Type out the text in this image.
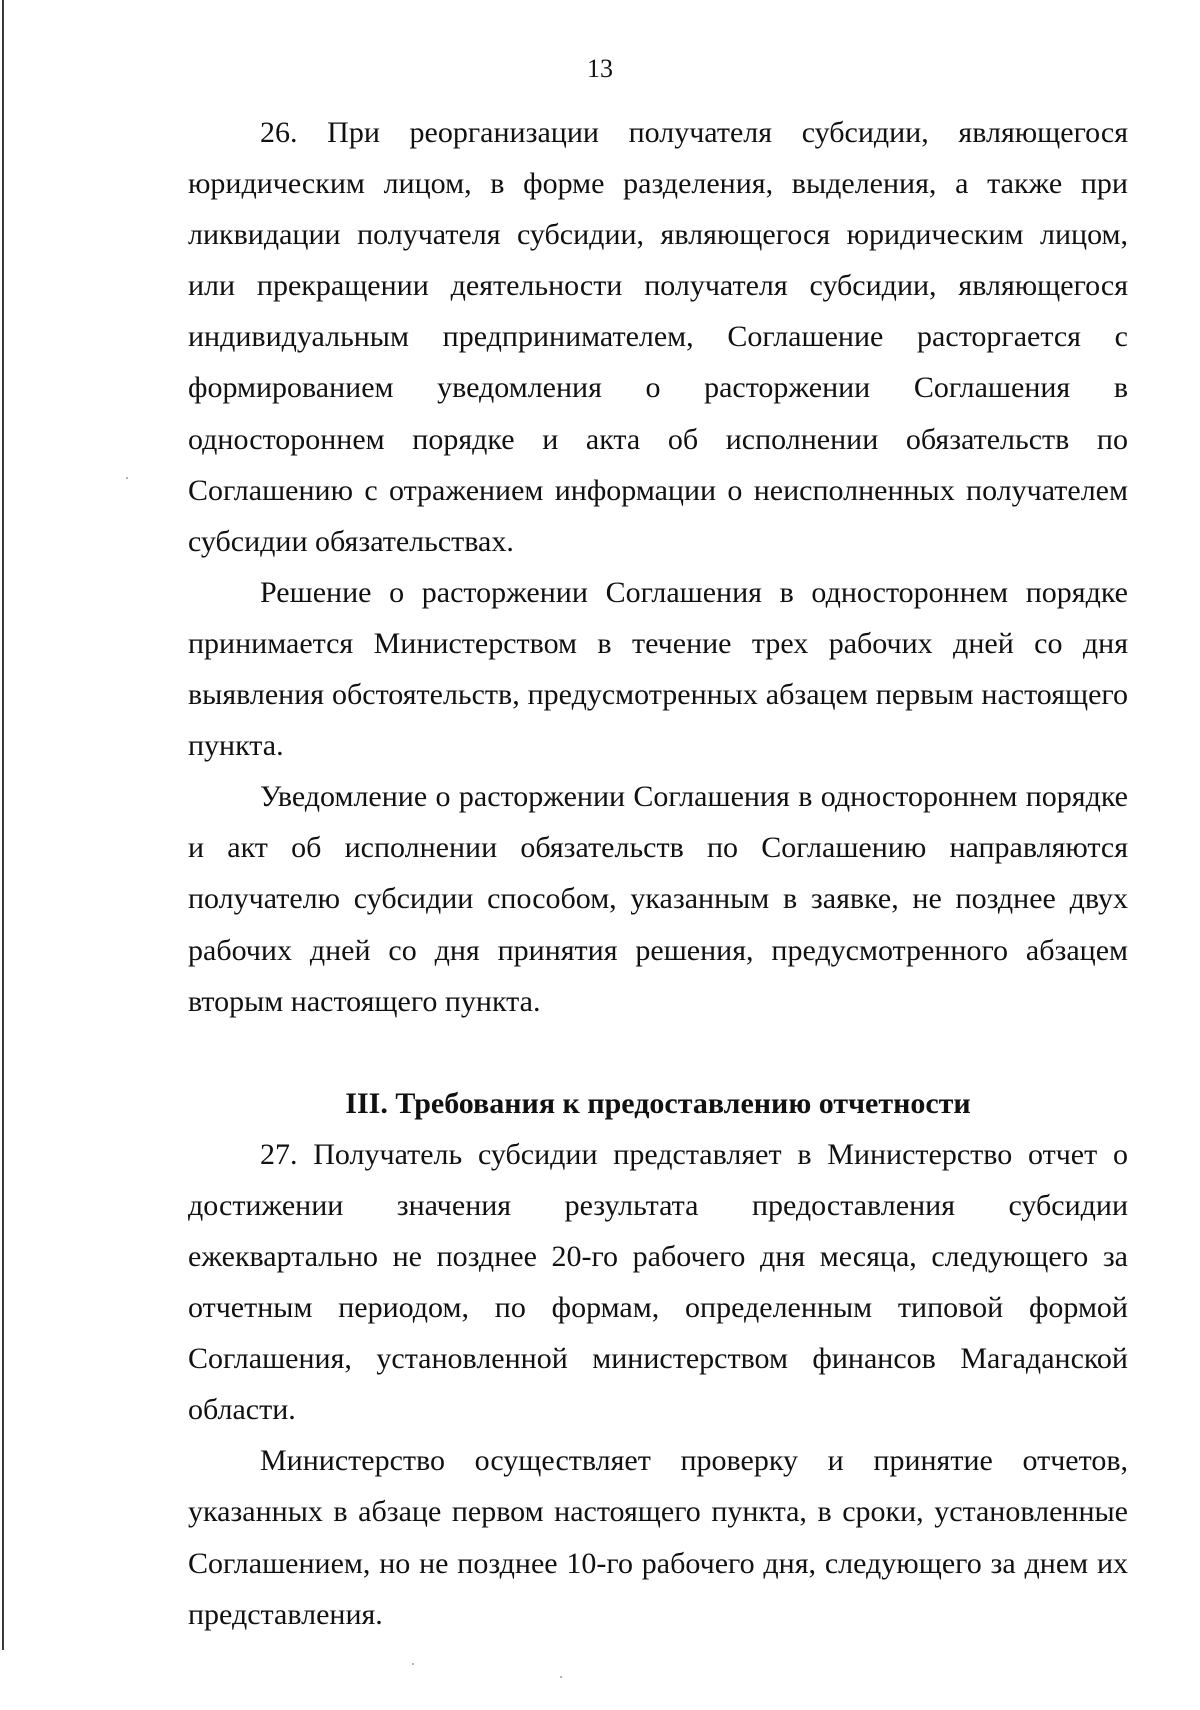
13

26. При реорганизации получателя субсидии, являющегося юридическим лицом, в форме разделения, выделения, а также при ликвидации получателя субсидии, являющегося юридическим лицом, или прекращении деятельности получателя субсидии, являющегося индивидуальным предпринимателем, Соглашение расторгается с формированием уведомления о расторжении Соглашения в одностороннем порядке и акта об исполнении обязательств по Соглашению с отражением информации о неисполненных получателем субсидии обязательствах.

Решение о расторжении Соглашения в одностороннем порядке принимается Министерством в течение трех рабочих дней со дня выявления обстоятельств, предусмотренных абзацем первым настоящего пункта.

Уведомление о расторжении Соглашения в одностороннем порядке и акт об исполнении обязательств по Соглашению направляются получателю субсидии способом, указанным в заявке, не позднее двух рабочих дней со дня принятия решения, предусмотренного абзацем вторым настоящего пункта.

III. Требования к предоставлению отчетности

27. Получатель субсидии представляет в Министерство отчет о достижении значения результата предоставления субсидии ежеквартально не позднее 20-го рабочего дня месяца, следующего за отчетным периодом, по формам, определенным типовой формой Соглашения, установленной министерством финансов Магаданской области.

Министерство осуществляет проверку и принятие отчетов, указанных в абзаце первом настоящего пункта, в сроки, установленные Соглашением, но не позднее 10-го рабочего дня, следующего за днем их представления.
